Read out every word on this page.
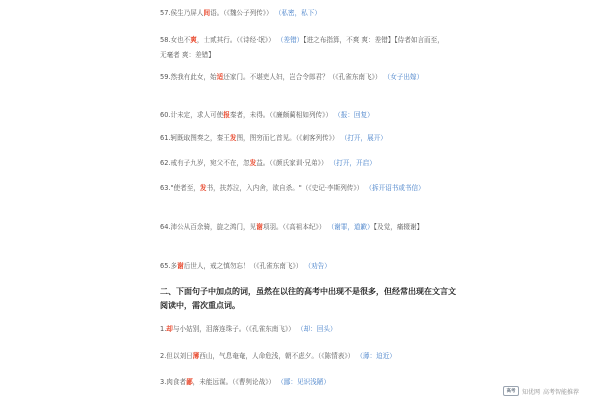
57.侯生乃屏人间语。（《魏公子列传》） （私密，私下）
58.女也不爽，士贰其行。（《诗经·氓》） （差错）【进之布指算，不爽 爽：差错】【侍者如言而至，无毫者 爽：差错】
59.然我有此女，始适还家门。不堪吏人妇，岂合令郎君？（《孔雀东南飞》） （女子出嫁）
60.计未定，求人可使报秦者，未得。（《廉颇蔺相如列传》） （报：回复）
61.轲既取图奏之，秦王发图，图穷而匕首见。（《刺客列传》） （打开，展开）
62.戒有子九岁，宛父不在，忽发益。（《颜氏家训·兄弟》） （打开，开启）
63."使者至，发书，扶苏泣，入内舍，欲自杀。"（《史记·李斯列传》） （拆开诏书或书信）
64.沛公从百余骑，旋之鸿门，见谢项羽。（《高祖本纪》） （谢罪，道歉）【及觉，痛辍谢】
65.多谢后世人，戒之慎勿忘！（《孔雀东南飞》） （劝告）
二、下面句子中加点的词，虽然在以往的高考中出现不是很多，但经常出现在文言文阅读中，需次重点词。
1.却与小姑别，泪落连珠子。（《孔雀东南飞》） （却：回头）
2.但以刘日薄西山，气息奄奄，人命危浅，朝不虑夕。（《陈情表》） （薄：迫近）
3.肉食者鄙，未能远谋。（《曹刿论战》） （鄙：见识浅陋）
高考	知优网 高考智能推荐
